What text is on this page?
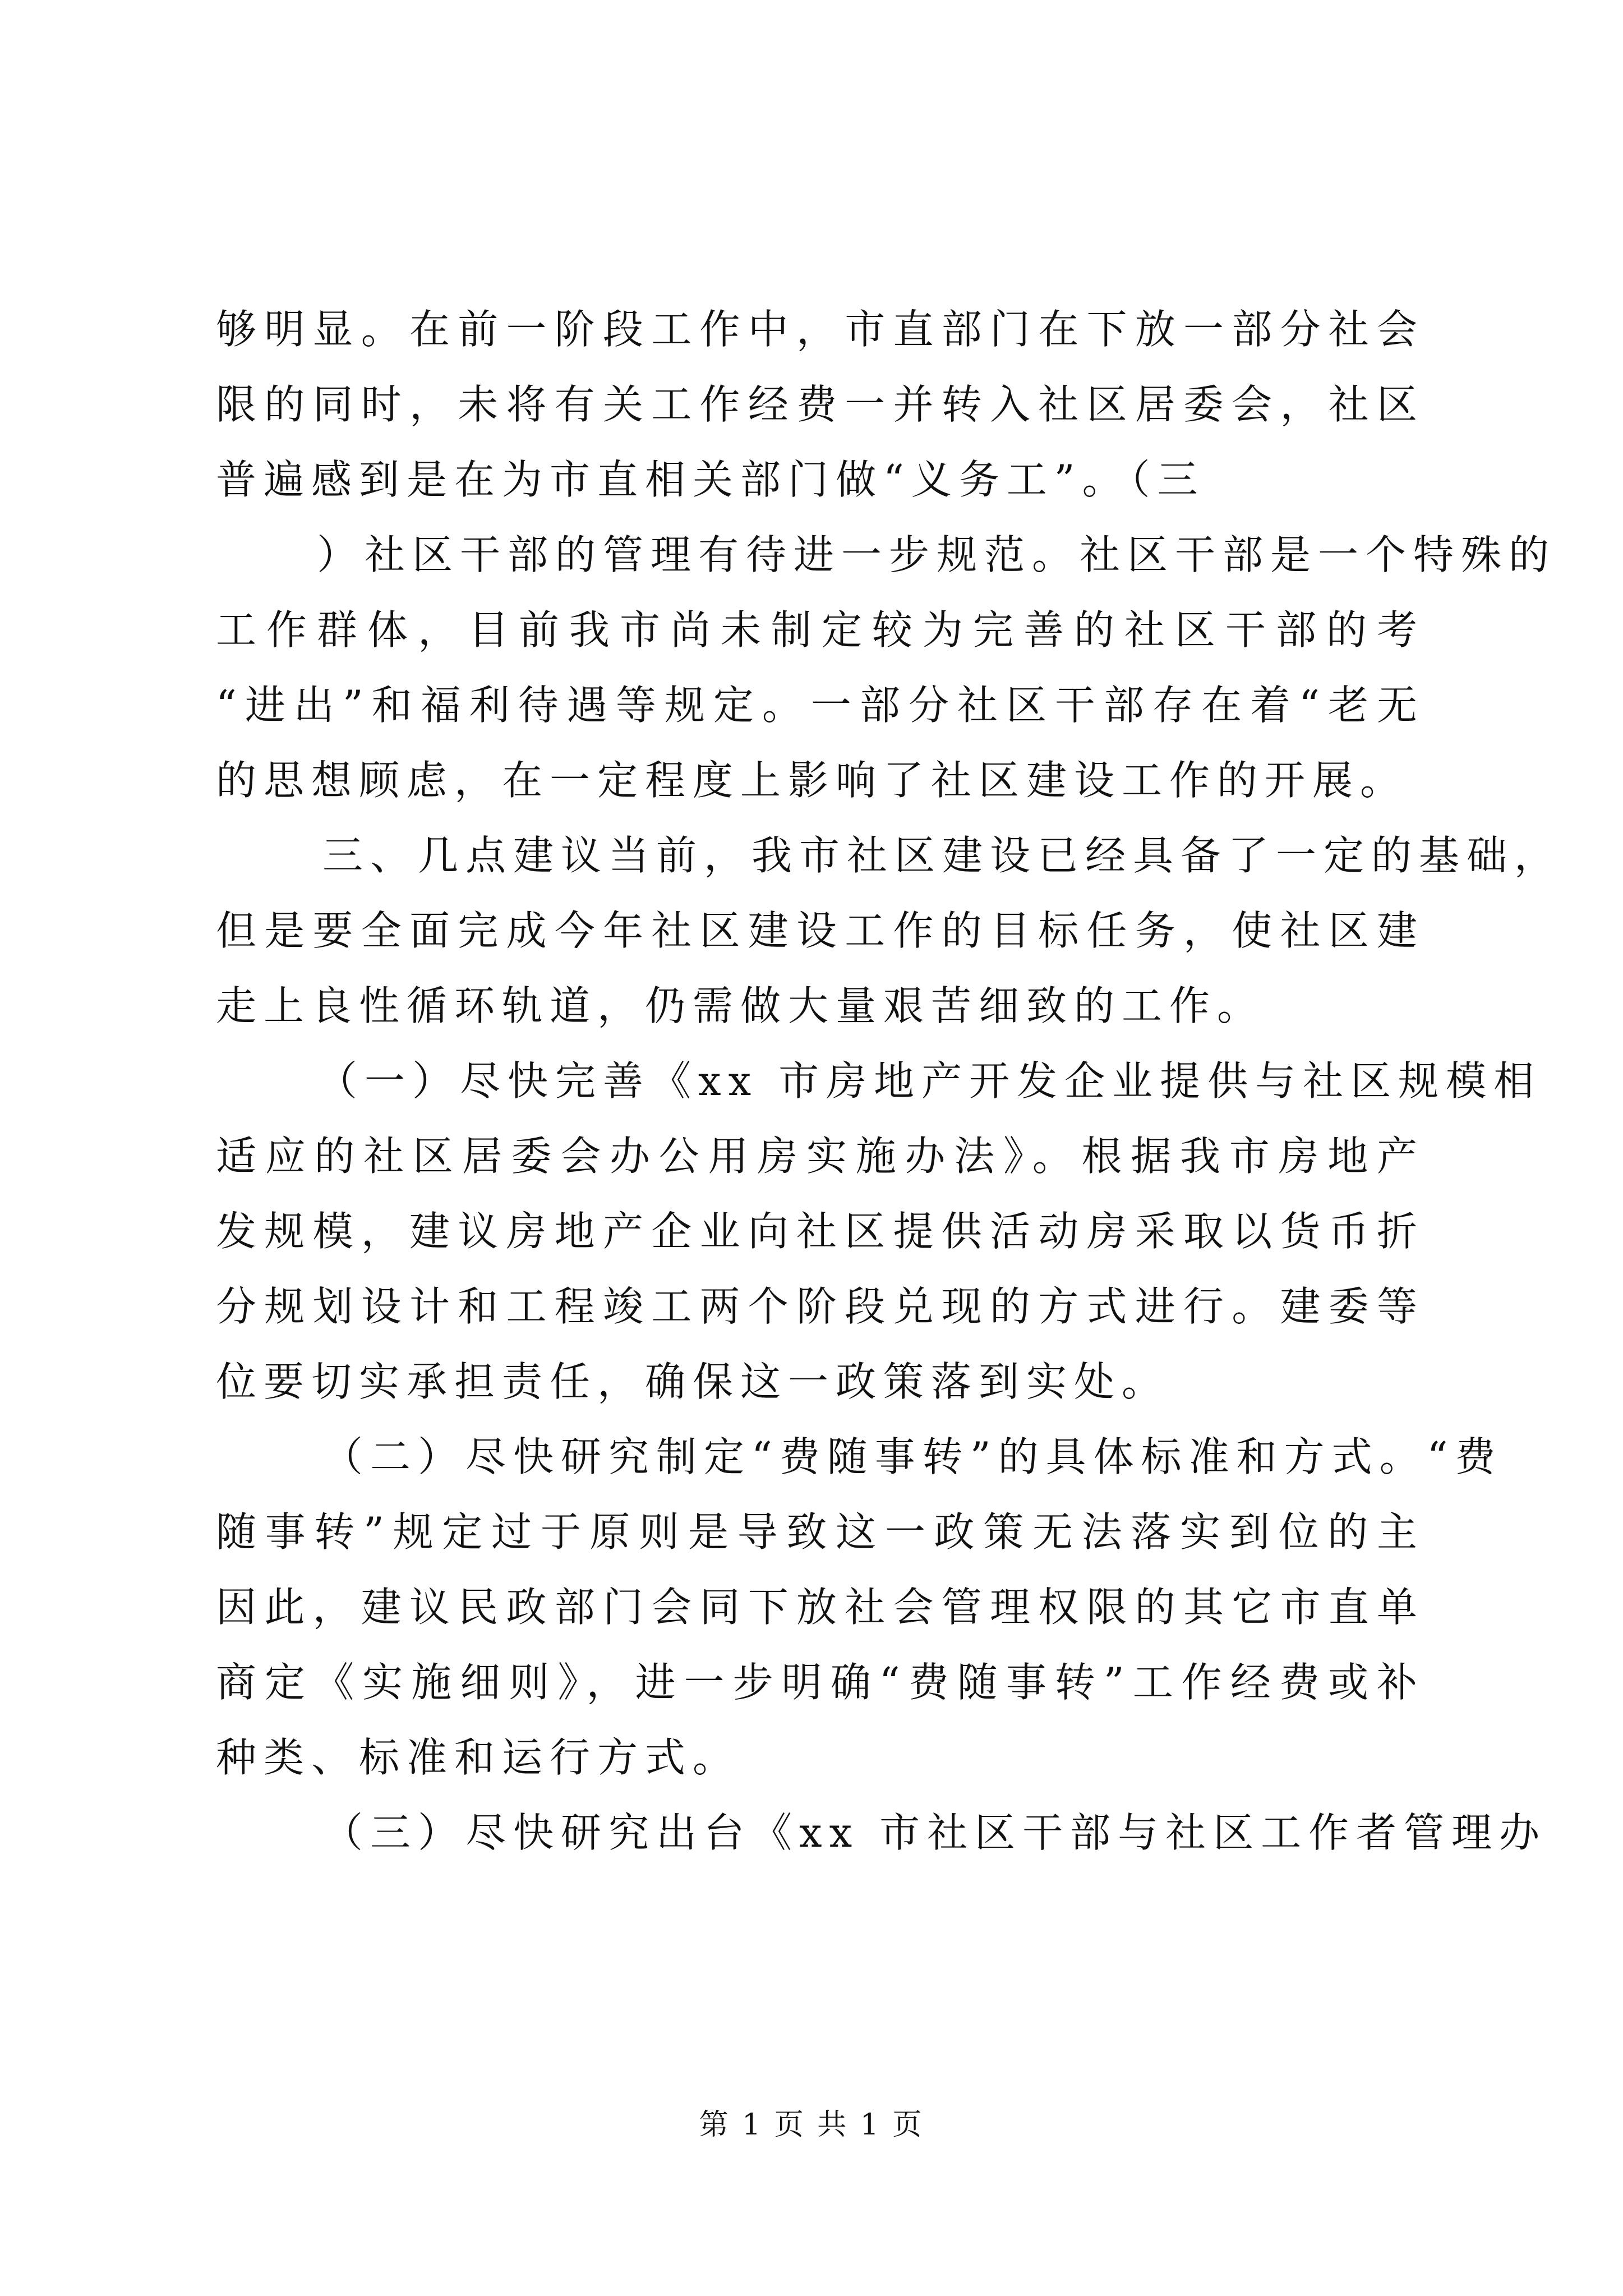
够明显。在前一阶段工作中，市直部门在下放一部分社会
限的同时，未将有关工作经费一并转入社区居委会，社区
普遍感到是在为市直相关部门做“义务工”。（三
）社区干部的管理有待进一步规范。社区干部是一个特殊的
工作群体，目前我市尚未制定较为完善的社区干部的考
“进出”和福利待遇等规定。一部分社区干部存在着“老无
的思想顾虑，在一定程度上影响了社区建设工作的开展。
三、几点建议当前，我市社区建设已经具备了一定的基础，
但是要全面完成今年社区建设工作的目标任务，使社区建
走上良性循环轨道，仍需做大量艰苦细致的工作。
（一）尽快完善《xx 市房地产开发企业提供与社区规模相
适应的社区居委会办公用房实施办法》。根据我市房地产
发规模，建议房地产企业向社区提供活动房采取以货币折
分规划设计和工程竣工两个阶段兑现的方式进行。建委等
位要切实承担责任，确保这一政策落到实处。
（二）尽快研究制定“费随事转”的具体标准和方式。“费
随事转”规定过于原则是导致这一政策无法落实到位的主
因此，建议民政部门会同下放社会管理权限的其它市直单
商定《实施细则》，进一步明确“费随事转”工作经费或补
种类、标准和运行方式。
（三）尽快研究出台《xx 市社区干部与社区工作者管理办
第 1 页 共 1 页
